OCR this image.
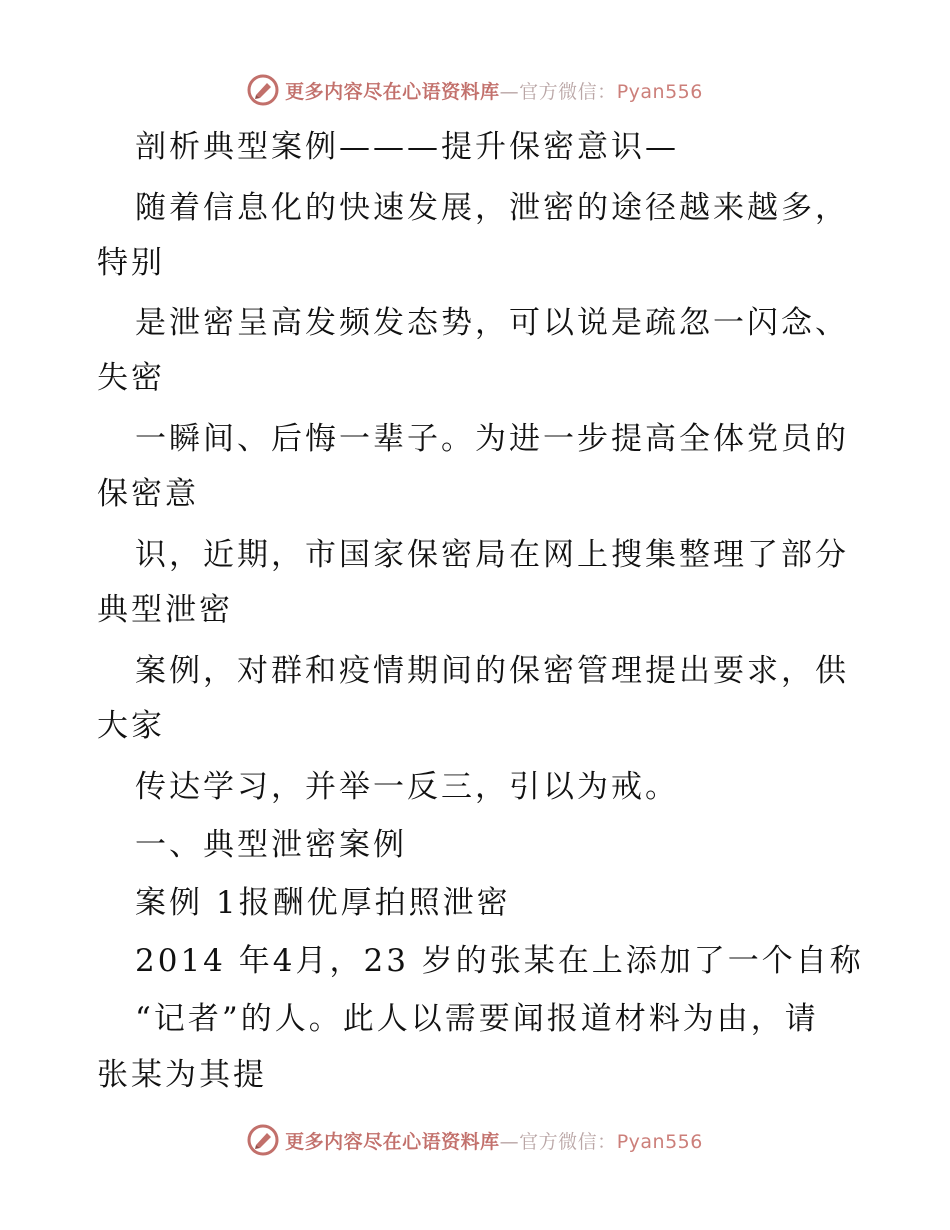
更多内容尽在心语资料库—官方微信：Pyan556
剖析典型案例———提升保密意识—
随着信息化的快速发展，泄密的途径越来越多，
特别
是泄密呈高发频发态势，可以说是疏忽一闪念、
失密
一瞬间、后悔一辈子。为进一步提高全体党员的
保密意
识，近期，市国家保密局在网上搜集整理了部分
典型泄密
案例，对群和疫情期间的保密管理提出要求，供
大家
传达学习，并举一反三，引以为戒。
一、典型泄密案例
案例 1报酬优厚拍照泄密
2014 年4月，23 岁的张某在上添加了一个自称
“记者”的人。此人以需要闻报道材料为由，请
张某为其提
更多内容尽在心语资料库—官方微信：Pyan556
